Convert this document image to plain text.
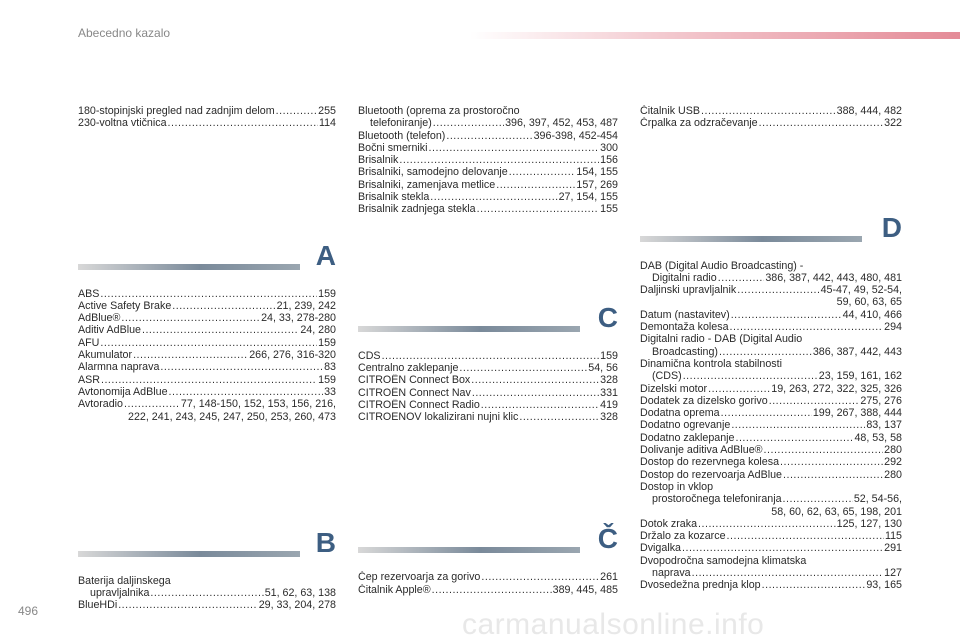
Abecedno kazalo
496	carmanualsonline.info
180-stopinjski pregled nad zadnjim delom .....	255
230-voltna vtičnica .....	114
A
ABS .....	159
Active Safety Brake .....	21, 239, 242
AdBlue® .....	24, 33, 278-280
Aditiv AdBlue .....	24, 280
AFU .....	159
Akumulator .....	266, 276, 316-320
Alarmna naprava .....	83
ASR .....	159
Avtonomija AdBlue .....	33
Avtoradio .....	77, 148-150, 152, 153, 156, 216,
222, 241, 243, 245, 247, 250, 253, 260, 473
B
Baterija daljinskega
upravljalnika .....	51, 62, 63, 138
BlueHDi .....	29, 33, 204, 278
Bluetooth (oprema za prostoročno
telefoniranje) .....	396, 397, 452, 453, 487
Bluetooth (telefon) .....	396-398, 452-454
Bočni smerniki .....	300
Brisalnik .....	156
Brisalniki, samodejno delovanje .....	154, 155
Brisalniki, zamenjava metlice .....	157, 269
Brisalnik stekla .....	27, 154, 155
Brisalnik zadnjega stekla .....	155
C
CDS .....	159
Centralno zaklepanje .....	54, 56
CITROËN Connect Box .....	328
CITROËN Connect Nav .....	331
CITROËN Connect Radio .....	419
CITROENOV lokalizirani nujni klic .....	328
Č
Čep rezervoarja za gorivo .....	261
Čitalnik Apple® .....	389, 445, 485
Čitalnik USB .....	388, 444, 482
Črpalka za odzračevanje .....	322
D
DAB (Digital Audio Broadcasting) -
Digitalni radio .....	386, 387, 442, 443, 480, 481
Daljinski upravljalnik .....	45-47, 49, 52-54,
59, 60, 63, 65
Datum (nastavitev) .....	44, 410, 466
Demontaža kolesa .....	294
Digitalni radio - DAB (Digital Audio
Broadcasting) .....	386, 387, 442, 443
Dinamična kontrola stabilnosti
(CDS) .....	23, 159, 161, 162
Dizelski motor .....	19, 263, 272, 322, 325, 326
Dodatek za dizelsko gorivo .....	275, 276
Dodatna oprema .....	199, 267, 388, 444
Dodatno ogrevanje .....	83, 137
Dodatno zaklepanje .....	48, 53, 58
Dolivanje aditiva AdBlue® .....	280
Dostop do rezervnega kolesa .....	292
Dostop do rezervoarja AdBlue .....	280
Dostop in vklop
prostoročnega telefoniranja .....	52, 54-56,
58, 60, 62, 63, 65, 198, 201
Dotok zraka .....	125, 127, 130
Držalo za kozarce .....	115
Dvigalka .....	291
Dvopodročna samodejna klimatska
naprava .....	127
Dvosedežna prednja klop .....	93, 165
